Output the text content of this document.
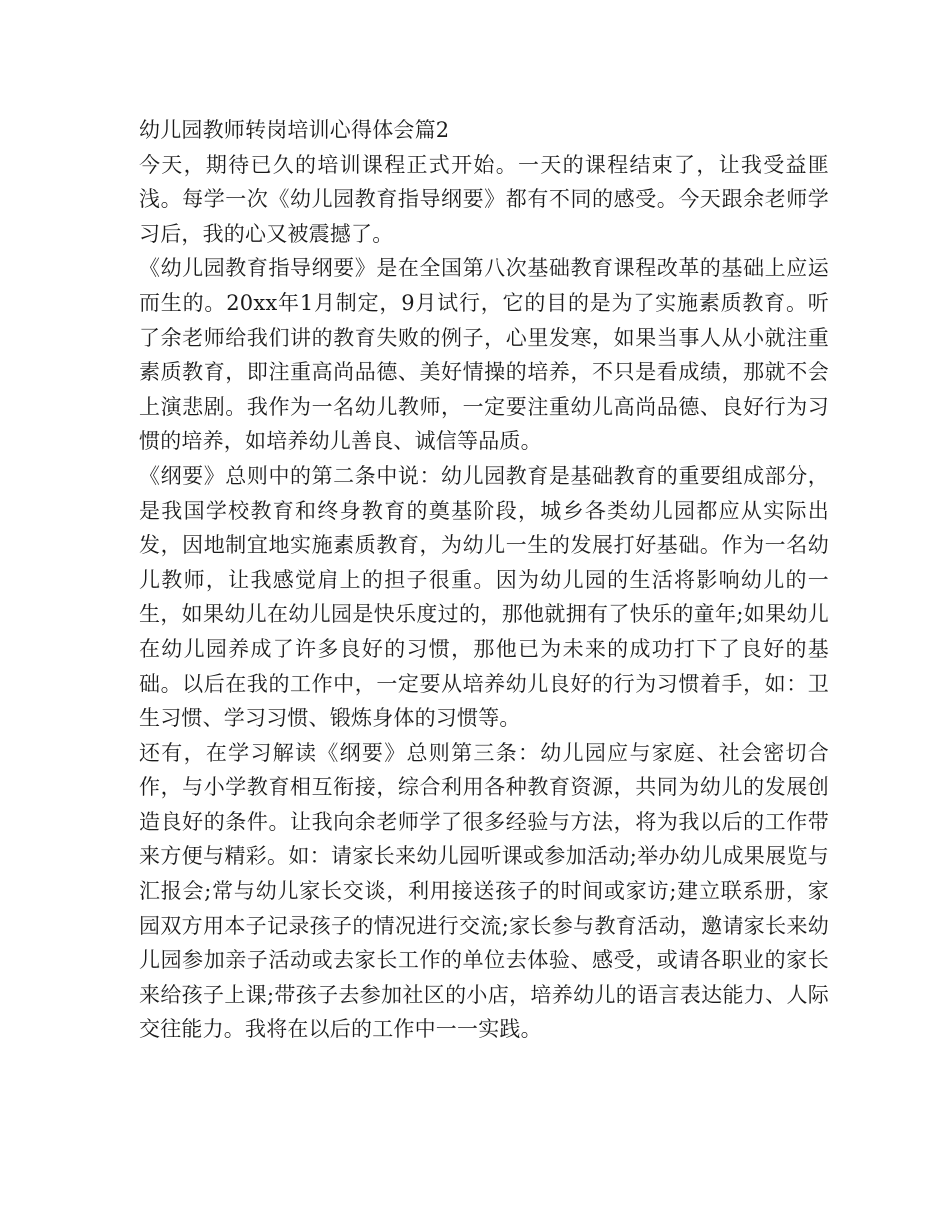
幼儿园教师转岗培训心得体会篇2

今天，期待已久的培训课程正式开始。一天的课程结束了，让我受益匪浅。每学一次《幼儿园教育指导纲要》都有不同的感受。今天跟余老师学习后，我的心又被震撼了。

《幼儿园教育指导纲要》是在全国第八次基础教育课程改革的基础上应运而生的。20xx年1月制定，9月试行，它的目的是为了实施素质教育。听了余老师给我们讲的教育失败的例子，心里发寒，如果当事人从小就注重素质教育，即注重高尚品德、美好情操的培养，不只是看成绩，那就不会上演悲剧。我作为一名幼儿教师，一定要注重幼儿高尚品德、良好行为习惯的培养，如培养幼儿善良、诚信等品质。

《纲要》总则中的第二条中说：幼儿园教育是基础教育的重要组成部分，是我国学校教育和终身教育的奠基阶段，城乡各类幼儿园都应从实际出发，因地制宜地实施素质教育，为幼儿一生的发展打好基础。作为一名幼儿教师，让我感觉肩上的担子很重。因为幼儿园的生活将影响幼儿的一生，如果幼儿在幼儿园是快乐度过的，那他就拥有了快乐的童年;如果幼儿在幼儿园养成了许多良好的习惯，那他已为未来的成功打下了良好的基础。以后在我的工作中，一定要从培养幼儿良好的行为习惯着手，如：卫生习惯、学习习惯、锻炼身体的习惯等。

还有，在学习解读《纲要》总则第三条：幼儿园应与家庭、社会密切合作，与小学教育相互衔接，综合利用各种教育资源，共同为幼儿的发展创造良好的条件。让我向余老师学了很多经验与方法，将为我以后的工作带来方便与精彩。如：请家长来幼儿园听课或参加活动;举办幼儿成果展览与汇报会;常与幼儿家长交谈，利用接送孩子的时间或家访;建立联系册，家园双方用本子记录孩子的情况进行交流;家长参与教育活动，邀请家长来幼儿园参加亲子活动或去家长工作的单位去体验、感受，或请各职业的家长来给孩子上课;带孩子去参加社区的小店，培养幼儿的语言表达能力、人际交往能力。我将在以后的工作中一一实践。
